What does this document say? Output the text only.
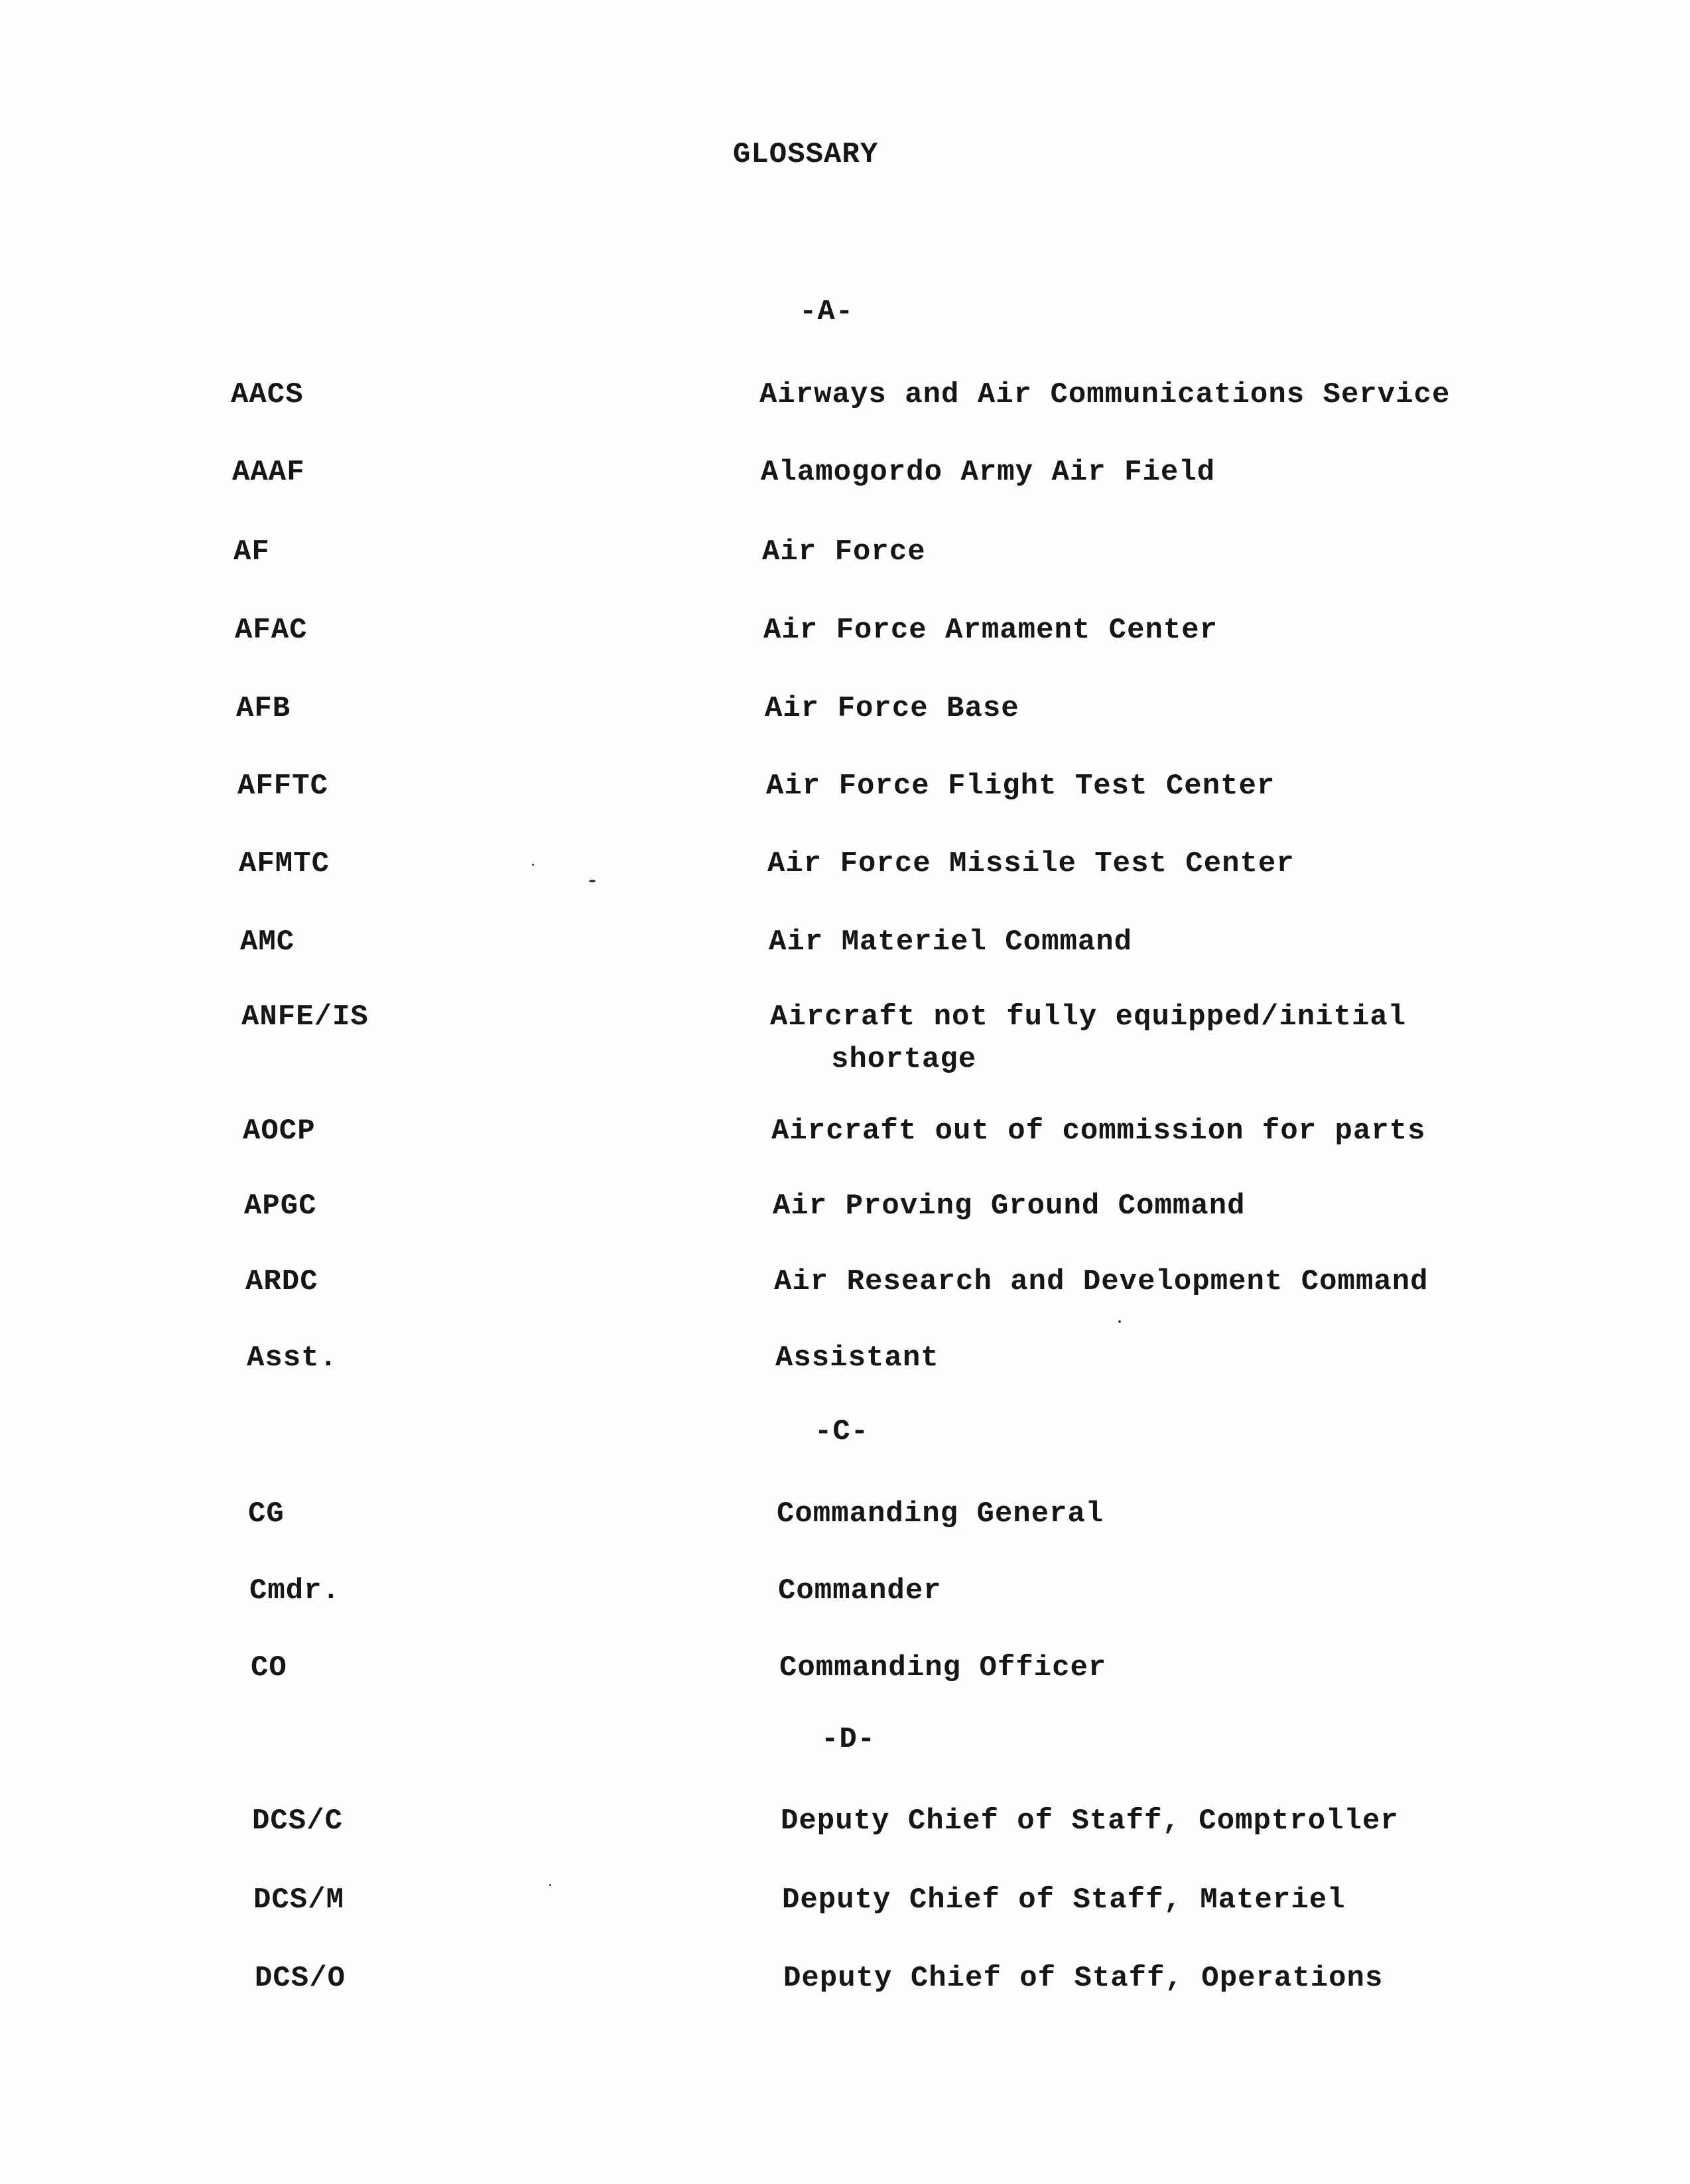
GLOSSARY
-A-
AACS	Airways and Air Communications Service
AAAF	Alamogordo Army Air Field
AF	Air Force
AFAC	Air Force Armament Center
AFB	Air Force Base
AFFTC	Air Force Flight Test Center
AFMTC	Air Force Missile Test Center
AMC	Air Materiel Command
ANFE/IS	Aircraft not fully equipped/initial
shortage
AOCP	Aircraft out of commission for parts
APGC	Air Proving Ground Command
ARDC	Air Research and Development Command
Asst.	Assistant
-C-
CG	Commanding General
Cmdr.	Commander
CO	Commanding Officer
-D-
DCS/C	Deputy Chief of Staff, Comptroller
DCS/M	Deputy Chief of Staff, Materiel
DCS/O	Deputy Chief of Staff, Operations
